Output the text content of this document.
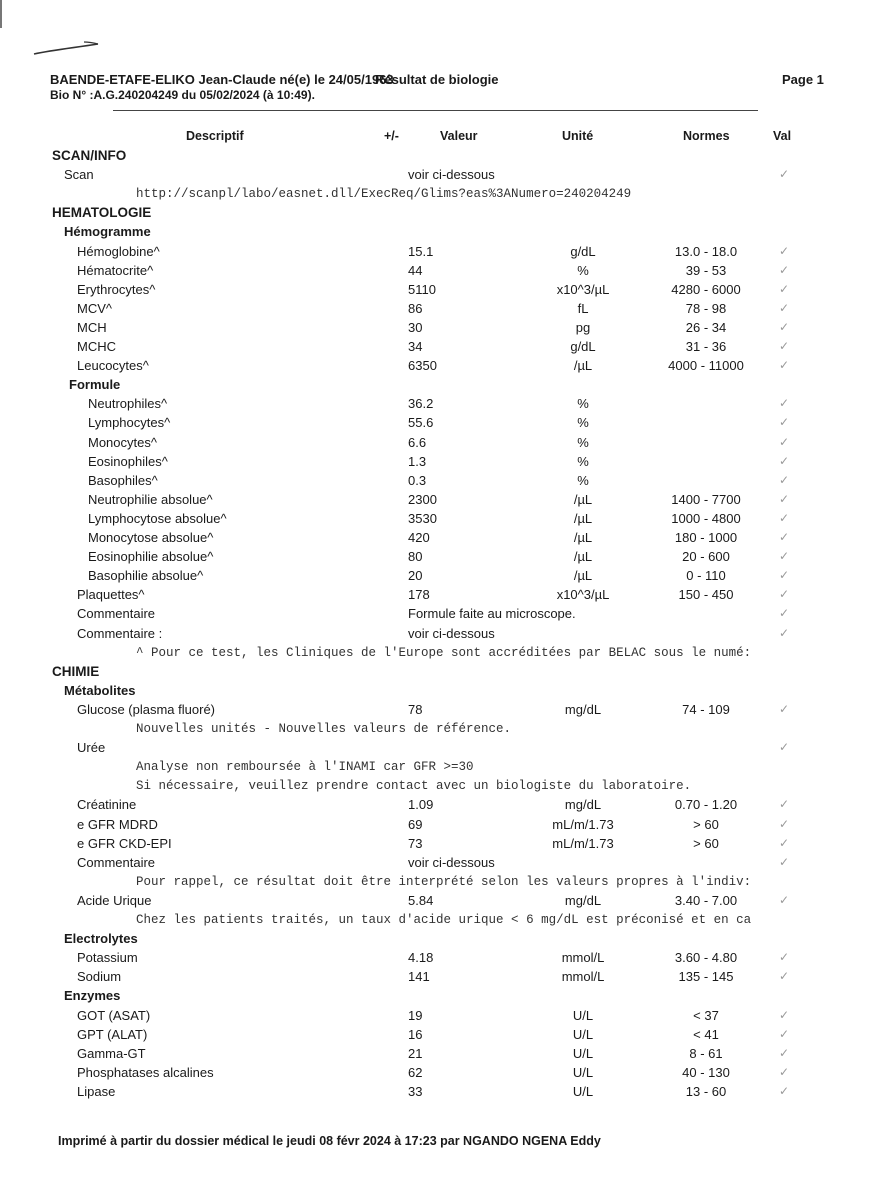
BAENDE-ETAFE-ELIKO Jean-Claude né(e) le 24/05/1963
Résultat de biologie	Page 1
Bio N° :A.G.240204249 du 05/02/2024 (à 10:49).
Descriptif	+/-	Valeur	Unité	Normes	Val
SCAN/INFO
Scan	voir ci-dessous	✓
http://scanpl/labo/easnet.dll/ExecReq/Glims?eas%3ANumero=240204249
HEMATOLOGIE
Hémogramme
Hémoglobine^	15.1	g/dL	13.0 - 18.0	✓
Hématocrite^	44	%	39 - 53	✓
Erythrocytes^	5110	x10^3/µL	4280 - 6000	✓
MCV^	86	fL	78 - 98	✓
MCH	30	pg	26 - 34	✓
MCHC	34	g/dL	31 - 36	✓
Leucocytes^	6350	/µL	4000 - 11000	✓
Formule
Neutrophiles^	36.2	%	✓
Lymphocytes^	55.6	%	✓
Monocytes^	6.6	%	✓
Eosinophiles^	1.3	%	✓
Basophiles^	0.3	%	✓
Neutrophilie absolue^	2300	/µL	1400 - 7700	✓
Lymphocytose absolue^	3530	/µL	1000 - 4800	✓
Monocytose absolue^	420	/µL	180 - 1000	✓
Eosinophilie absolue^	80	/µL	20 - 600	✓
Basophilie absolue^	20	/µL	0 - 110	✓
Plaquettes^	178	x10^3/µL	150 - 450	✓
Commentaire	Formule faite au microscope.	✓
Commentaire :	voir ci-dessous	✓
^ Pour ce test, les Cliniques de l'Europe sont accréditées par BELAC sous le numé:
CHIMIE
Métabolites
Glucose (plasma fluoré)	78	mg/dL	74 - 109	✓
Nouvelles unités - Nouvelles valeurs de référence.
Urée	✓
Analyse non remboursée à l'INAMI car GFR >=30
Si nécessaire, veuillez prendre contact avec un biologiste du laboratoire.
Créatinine	1.09	mg/dL	0.70 - 1.20	✓
e GFR MDRD	69	mL/m/1.73	> 60	✓
e GFR CKD-EPI	73	mL/m/1.73	> 60	✓
Commentaire	voir ci-dessous	✓
Pour rappel, ce résultat doit être interprété selon les valeurs propres à l'indiv:
Acide Urique	5.84	mg/dL	3.40 - 7.00	✓
Chez les patients traités, un taux d'acide urique < 6 mg/dL est préconisé et en ca
Electrolytes
Potassium	4.18	mmol/L	3.60 - 4.80	✓
Sodium	141	mmol/L	135 - 145	✓
Enzymes
GOT (ASAT)	19	U/L	< 37	✓
GPT (ALAT)	16	U/L	< 41	✓
Gamma-GT	21	U/L	8 - 61	✓
Phosphatases alcalines	62	U/L	40 - 130	✓
Lipase	33	U/L	13 - 60	✓
Imprimé à partir du dossier médical le jeudi 08 févr 2024 à 17:23 par NGANDO NGENA Eddy
